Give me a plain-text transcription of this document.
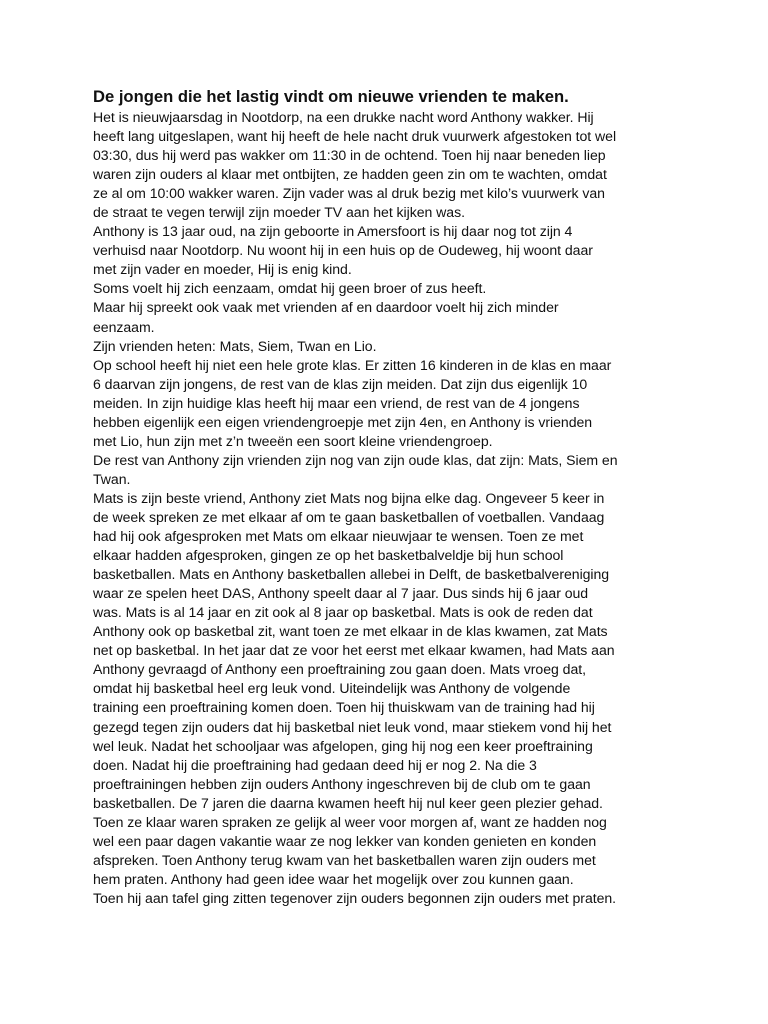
De jongen die het lastig vindt om nieuwe vrienden te maken.
Het is nieuwjaarsdag in Nootdorp, na een drukke nacht word Anthony wakker. Hij
heeft lang uitgeslapen, want hij heeft de hele nacht druk vuurwerk afgestoken tot wel
03:30, dus hij werd pas wakker om 11:30 in de ochtend. Toen hij naar beneden liep
waren zijn ouders al klaar met ontbijten, ze hadden geen zin om te wachten, omdat
ze al om 10:00 wakker waren. Zijn vader was al druk bezig met kilo’s vuurwerk van
de straat te vegen terwijl zijn moeder TV aan het kijken was.
Anthony is 13 jaar oud, na zijn geboorte in Amersfoort is hij daar nog tot zijn 4
verhuisd naar Nootdorp. Nu woont hij in een huis op de Oudeweg, hij woont daar
met zijn vader en moeder, Hij is enig kind.
Soms voelt hij zich eenzaam, omdat hij geen broer of zus heeft.
Maar hij spreekt ook vaak met vrienden af en daardoor voelt hij zich minder
eenzaam.
Zijn vrienden heten: Mats, Siem, Twan en Lio.
Op school heeft hij niet een hele grote klas. Er zitten 16 kinderen in de klas en maar
6 daarvan zijn jongens, de rest van de klas zijn meiden. Dat zijn dus eigenlijk 10
meiden. In zijn huidige klas heeft hij maar een vriend, de rest van de 4 jongens
hebben eigenlijk een eigen vriendengroepje met zijn 4en, en Anthony is vrienden
met Lio, hun zijn met z’n tweeën een soort kleine vriendengroep.
De rest van Anthony zijn vrienden zijn nog van zijn oude klas, dat zijn: Mats, Siem en
Twan.
Mats is zijn beste vriend, Anthony ziet Mats nog bijna elke dag. Ongeveer 5 keer in
de week spreken ze met elkaar af om te gaan basketballen of voetballen. Vandaag
had hij ook afgesproken met Mats om elkaar nieuwjaar te wensen. Toen ze met
elkaar hadden afgesproken, gingen ze op het basketbalveldje bij hun school
basketballen. Mats en Anthony basketballen allebei in Delft, de basketbalvereniging
waar ze spelen heet DAS, Anthony speelt daar al 7 jaar. Dus sinds hij 6 jaar oud
was. Mats is al 14 jaar en zit ook al 8 jaar op basketbal. Mats is ook de reden dat
Anthony ook op basketbal zit, want toen ze met elkaar in de klas kwamen, zat Mats
net op basketbal. In het jaar dat ze voor het eerst met elkaar kwamen, had Mats aan
Anthony gevraagd of Anthony een proeftraining zou gaan doen. Mats vroeg dat,
omdat hij basketbal heel erg leuk vond. Uiteindelijk was Anthony de volgende
training een proeftraining komen doen. Toen hij thuiskwam van de training had hij
gezegd tegen zijn ouders dat hij basketbal niet leuk vond, maar stiekem vond hij het
wel leuk. Nadat het schooljaar was afgelopen, ging hij nog een keer proeftraining
doen. Nadat hij die proeftraining had gedaan deed hij er nog 2. Na die 3
proeftrainingen hebben zijn ouders Anthony ingeschreven bij de club om te gaan
basketballen. De 7 jaren die daarna kwamen heeft hij nul keer geen plezier gehad.
Toen ze klaar waren spraken ze gelijk al weer voor morgen af, want ze hadden nog
wel een paar dagen vakantie waar ze nog lekker van konden genieten en konden
afspreken. Toen Anthony terug kwam van het basketballen waren zijn ouders met
hem praten. Anthony had geen idee waar het mogelijk over zou kunnen gaan.
Toen hij aan tafel ging zitten tegenover zijn ouders begonnen zijn ouders met praten.
